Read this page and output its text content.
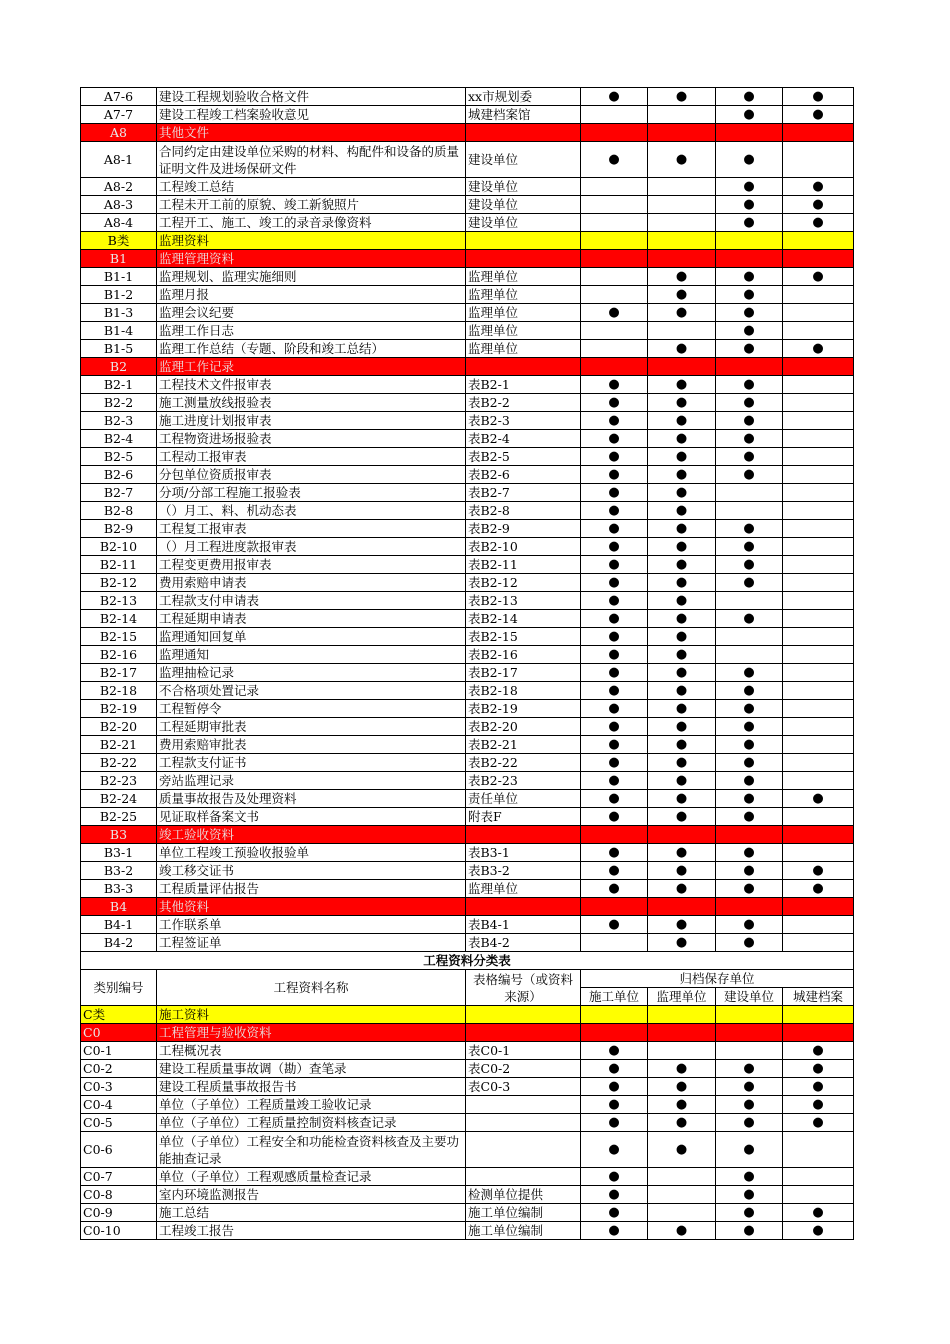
A7-6	建设工程规划验收合格文件	xx市规划委	●	●	●	●
A7-7	建设工程竣工档案验收意见	城建档案馆			●	●
A8	其他文件					
A8-1	合同约定由建设单位采购的材料、构配件和设备的质量证明文件及进场保研文件	建设单位	●	●	●	
A8-2	工程竣工总结	建设单位			●	●
A8-3	工程未开工前的原貌、竣工新貌照片	建设单位			●	●
A8-4	工程开工、施工、竣工的录音录像资料	建设单位			●	●
B类	监理资料					
B1	监理管理资料					
B1-1	监理规划、监理实施细则	监理单位		●	●	●
B1-2	监理月报	监理单位		●	●	
B1-3	监理会议纪要	监理单位	●	●	●	
B1-4	监理工作日志	监理单位			●	
B1-5	监理工作总结（专题、阶段和竣工总结）	监理单位		●	●	●
B2	监理工作记录					
B2-1	工程技术文件报审表	表B2-1	●	●	●	
B2-2	施工测量放线报验表	表B2-2	●	●	●	
B2-3	施工进度计划报审表	表B2-3	●	●	●	
B2-4	工程物资进场报验表	表B2-4	●	●	●	
B2-5	工程动工报审表	表B2-5	●	●	●	
B2-6	分包单位资质报审表	表B2-6	●	●	●	
B2-7	分项/分部工程施工报验表	表B2-7	●	●		
B2-8	（）月工、料、机动态表	表B2-8	●	●		
B2-9	工程复工报审表	表B2-9	●	●	●	
B2-10	（）月工程进度款报审表	表B2-10	●	●	●	
B2-11	工程变更费用报审表	表B2-11	●	●	●	
B2-12	费用索赔申请表	表B2-12	●	●	●	
B2-13	工程款支付申请表	表B2-13	●	●		
B2-14	工程延期申请表	表B2-14	●	●	●	
B2-15	监理通知回复单	表B2-15	●	●		
B2-16	监理通知	表B2-16	●	●		
B2-17	监理抽检记录	表B2-17	●	●	●	
B2-18	不合格项处置记录	表B2-18	●	●	●	
B2-19	工程暂停令	表B2-19	●	●	●	
B2-20	工程延期审批表	表B2-20	●	●	●	
B2-21	费用索赔审批表	表B2-21	●	●	●	
B2-22	工程款支付证书	表B2-22	●	●	●	
B2-23	旁站监理记录	表B2-23	●	●	●	
B2-24	质量事故报告及处理资料	责任单位	●	●	●	●
B2-25	见证取样备案文书	附表F	●	●	●	
B3	竣工验收资料					
B3-1	单位工程竣工预验收报验单	表B3-1	●	●	●	
B3-2	竣工移交证书	表B3-2	●	●	●	●
B3-3	工程质量评估报告	监理单位	●	●	●	●
B4	其他资料					
B4-1	工作联系单	表B4-1	●	●	●	
B4-2	工程签证单	表B4-2		●	●	
工程资料分类表						
类别编号	工程资料名称	表格编号（或资料来源）	归档保存单位			
			施工单位	监理单位	建设单位	城建档案
C类	施工资料					
C0	工程管理与验收资料					
C0-1	工程概况表	表C0-1	●			●
C0-2	建设工程质量事故调（勘）查笔录	表C0-2	●	●	●	●
C0-3	建设工程质量事故报告书	表C0-3	●	●	●	●
C0-4	单位（子单位）工程质量竣工验收记录		●	●	●	●
C0-5	单位（子单位）工程质量控制资料核查记录		●	●	●	●
C0-6	单位（子单位）工程安全和功能检查资料核查及主要功能抽查记录		●	●	●	
C0-7	单位（子单位）工程观感质量检查记录		●		●	
C0-8	室内环境监测报告	检测单位提供	●		●	
C0-9	施工总结	施工单位编制	●		●	●
C0-10	工程竣工报告	施工单位编制	●	●	●	●
